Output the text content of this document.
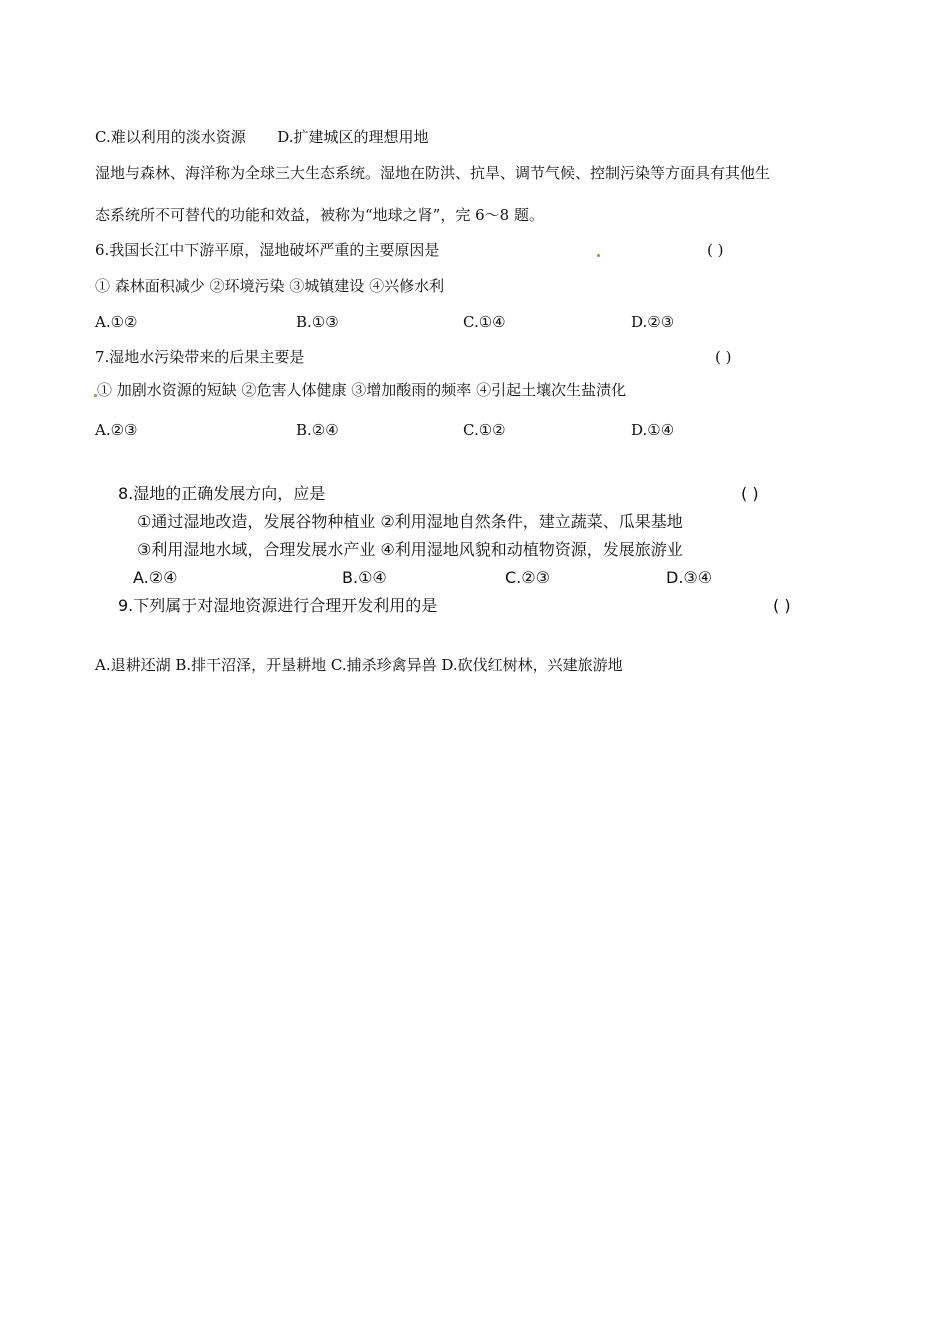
C.难以利用的淡水资源 D.扩建城区的理想用地
湿地与森林、海洋称为全球三大生态系统。湿地在防洪、抗旱、调节气候、控制污染等方面具有其他生
态系统所不可替代的功能和效益，被称为“地球之肾”，完 6～8 题。
6.我国长江中下游平原，湿地破坏严重的主要原因是	( )
① 森林面积减少 ②环境污染 ③城镇建设 ④兴修水利
A.①②	B.①③	C.①④	D.②③
7.湿地水污染带来的后果主要是	( )
① 加剧水资源的短缺 ②危害人体健康 ③增加酸雨的频率 ④引起土壤次生盐渍化
A.②③	B.②④	C.①②	D.①④
8.湿地的正确发展方向，应是	( )
①通过湿地改造，发展谷物种植业 ②利用湿地自然条件，建立蔬菜、瓜果基地
③利用湿地水域，合理发展水产业 ④利用湿地风貌和动植物资源，发展旅游业
A.②④	B.①④	C.②③	D.③④
9.下列属于对湿地资源进行合理开发利用的是	( )
A.退耕还湖 B.排干沼泽，开垦耕地 C.捕杀珍禽异兽 D.砍伐红树林，兴建旅游地
